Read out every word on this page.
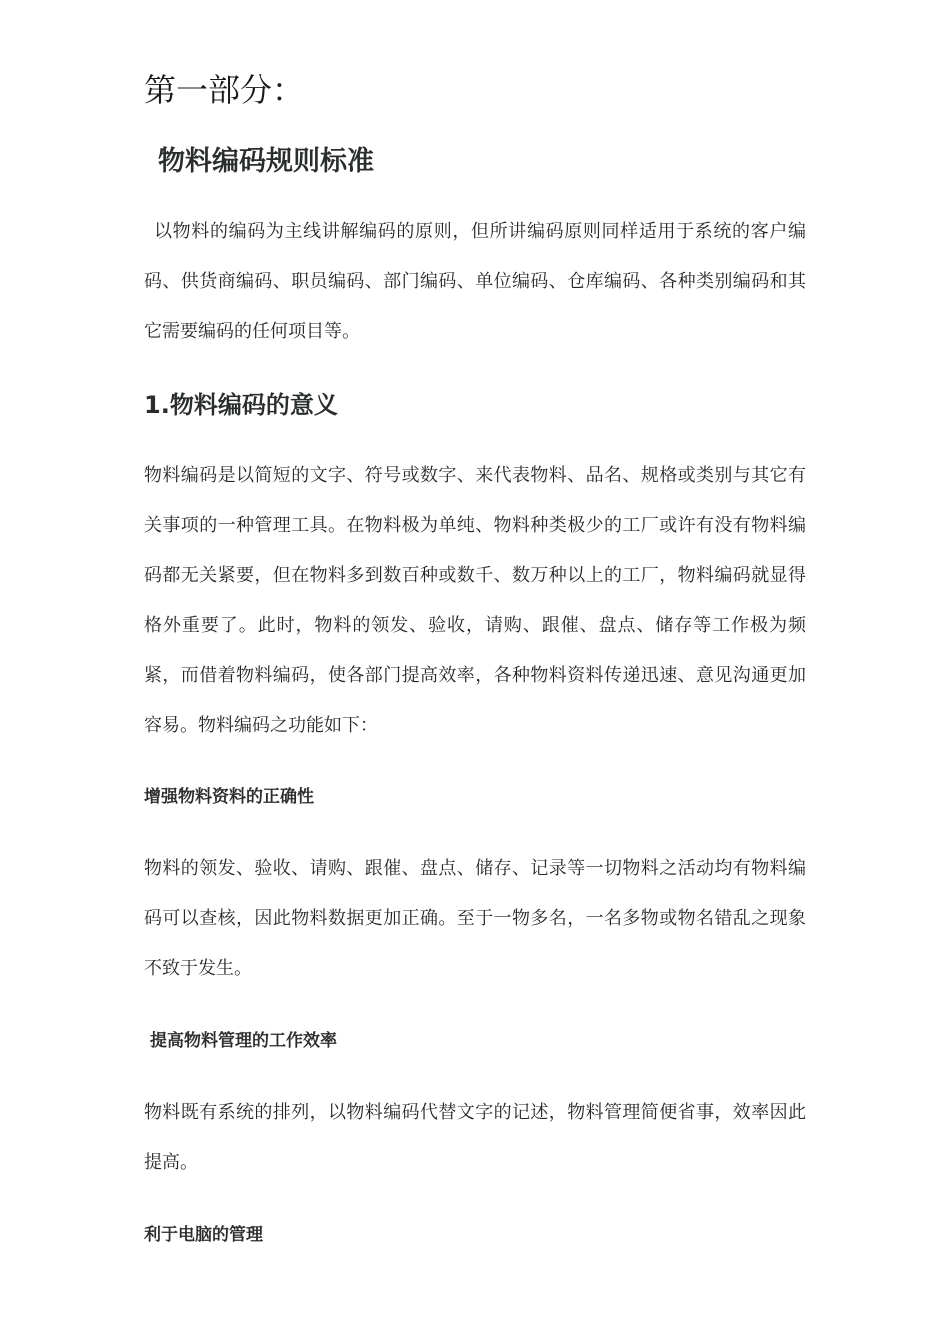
第一部分：
物料编码规则标准

以物料的编码为主线讲解编码的原则，但所讲编码原则同样适用于系统的客户编码、供货商编码、职员编码、部门编码、单位编码、仓库编码、各种类别编码和其它需要编码的任何项目等。

1.物料编码的意义

物料编码是以简短的文字、符号或数字、来代表物料、品名、规格或类别与其它有关事项的一种管理工具。在物料极为单纯、物料种类极少的工厂或许有没有物料编码都无关紧要，但在物料多到数百种或数千、数万种以上的工厂，物料编码就显得格外重要了。此时，物料的领发、验收，请购、跟催、盘点、储存等工作极为频紧，而借着物料编码，使各部门提高效率，各种物料资料传递迅速、意见沟通更加容易。物料编码之功能如下：

增强物料资料的正确性

物料的领发、验收、请购、跟催、盘点、储存、记录等一切物料之活动均有物料编码可以查核，因此物料数据更加正确。至于一物多名，一名多物或物名错乱之现象不致于发生。

提高物料管理的工作效率

物料既有系统的排列，以物料编码代替文字的记述，物料管理简便省事，效率因此提高。

利于电脑的管理
